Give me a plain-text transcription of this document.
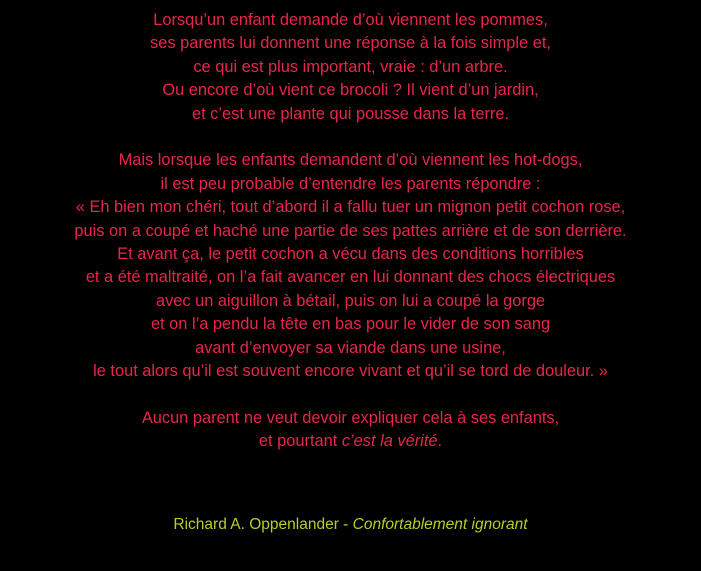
Lorsqu’un enfant demande d’où viennent les pommes,
ses parents lui donnent une réponse à la fois simple et,
ce qui est plus important, vraie : d’un arbre.
Ou encore d’où vient ce brocoli ? Il vient d’un jardin,
et c’est une plante qui pousse dans la terre.
Mais lorsque les enfants demandent d’où viennent les hot-dogs,
il est peu probable d’entendre les parents répondre :
« Eh bien mon chéri, tout d’abord il a fallu tuer un mignon petit cochon rose,
puis on a coupé et haché une partie de ses pattes arrière et de son derrière.
Et avant ça, le petit cochon a vécu dans des conditions horribles
et a été maltraité, on l’a fait avancer en lui donnant des chocs électriques
avec un aiguillon à bétail, puis on lui a coupé la gorge
et on l’a pendu la tête en bas pour le vider de son sang
avant d’envoyer sa viande dans une usine,
le tout alors qu’il est souvent encore vivant et qu’il se tord de douleur. »
Aucun parent ne veut devoir expliquer cela à ses enfants,
et pourtant c’est la vérité.
Richard A. Oppenlander - Confortablement ignorant
